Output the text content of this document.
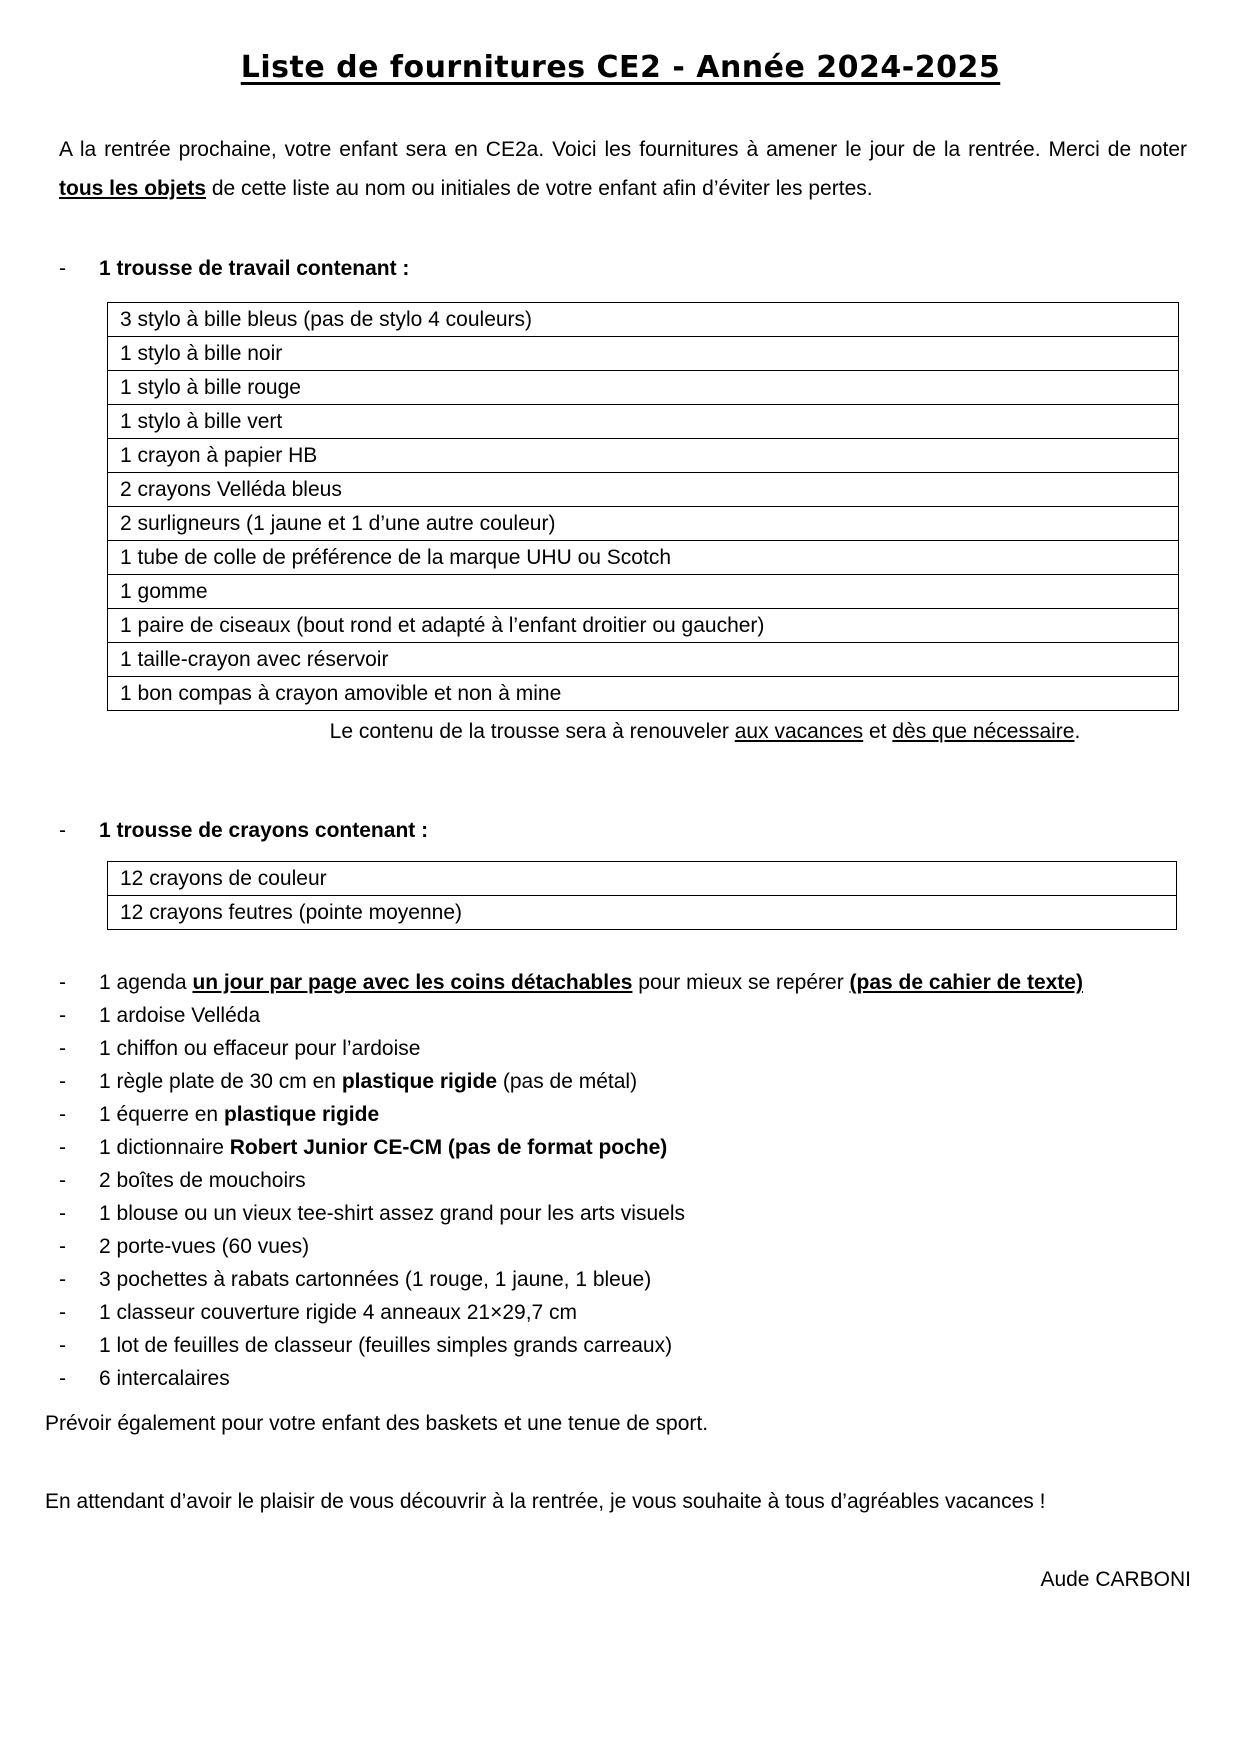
Liste de fournitures CE2 - Année 2024-2025

A la rentrée prochaine, votre enfant sera en CE2a. Voici les fournitures à amener le jour de la rentrée. Merci de noter tous les objets de cette liste au nom ou initiales de votre enfant afin d’éviter les pertes.

- 1 trousse de travail contenant :

3 stylo à bille bleus (pas de stylo 4 couleurs)
1 stylo à bille noir
1 stylo à bille rouge
1 stylo à bille vert
1 crayon à papier HB
2 crayons Velléda bleus
2 surligneurs (1 jaune et 1 d’une autre couleur)
1 tube de colle de préférence de la marque UHU ou Scotch
1 gomme
1 paire de ciseaux (bout rond et adapté à l’enfant droitier ou gaucher)
1 taille-crayon avec réservoir
1 bon compas à crayon amovible et non à mine

Le contenu de la trousse sera à renouveler aux vacances et dès que nécessaire.

- 1 trousse de crayons contenant :

12 crayons de couleur
12 crayons feutres (pointe moyenne)
- 1 agenda un jour par page avec les coins détachables pour mieux se repérer (pas de cahier de texte)
- 1 ardoise Velléda
- 1 chiffon ou effaceur pour l’ardoise
- 1 règle plate de 30 cm en plastique rigide (pas de métal)
- 1 équerre en plastique rigide
- 1 dictionnaire Robert Junior CE-CM (pas de format poche)
- 2 boîtes de mouchoirs
- 1 blouse ou un vieux tee-shirt assez grand pour les arts visuels
- 2 porte-vues (60 vues)
- 3 pochettes à rabats cartonnées (1 rouge, 1 jaune, 1 bleue)
- 1 classeur couverture rigide 4 anneaux 21×29,7 cm
- 1 lot de feuilles de classeur (feuilles simples grands carreaux)
- 6 intercalaires

Prévoir également pour votre enfant des baskets et une tenue de sport.

En attendant d’avoir le plaisir de vous découvrir à la rentrée, je vous souhaite à tous d’agréables vacances !

Aude CARBONI
